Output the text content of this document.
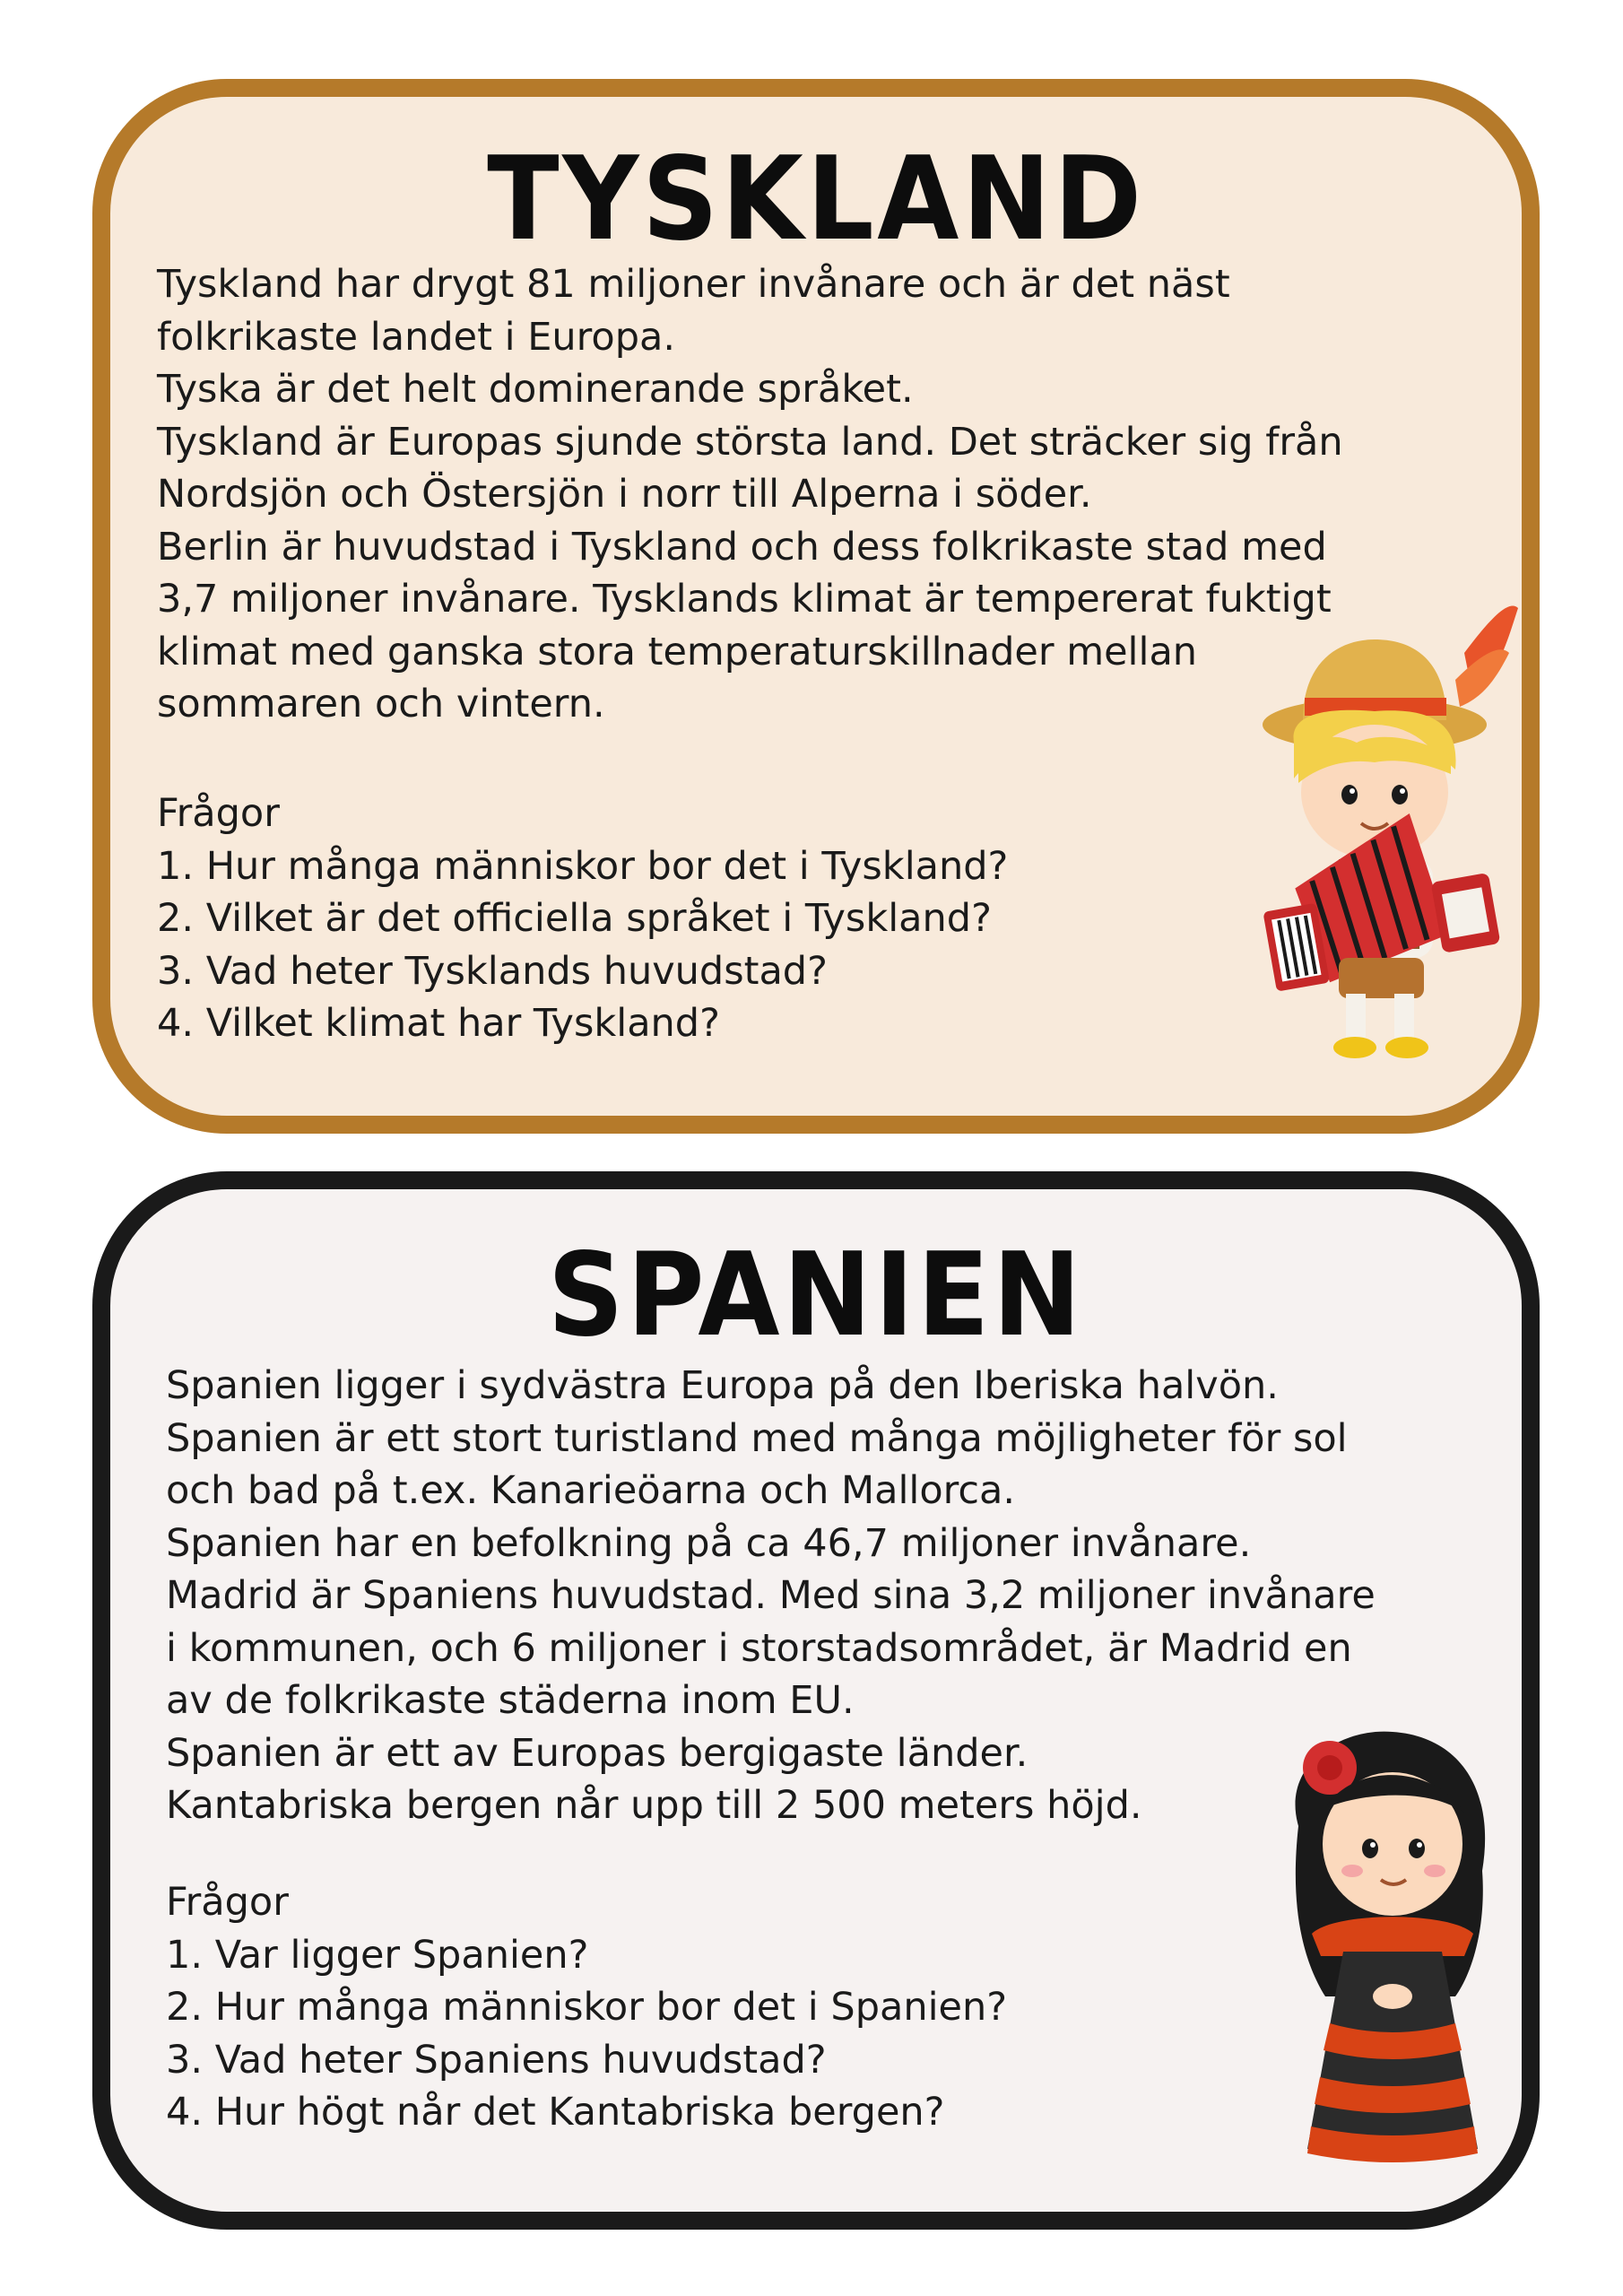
TYSKLAND
Tyskland har drygt 81 miljoner invånare och är det näst
folkrikaste landet i Europa.
Tyska är det helt dominerande språket.
Tyskland är Europas sjunde största land. Det sträcker sig från
Nordsjön och Östersjön i norr till Alperna i söder.
Berlin är huvudstad i Tyskland och dess folkrikaste stad med
3,7 miljoner invånare. Tysklands klimat är tempererat fuktigt
klimat med ganska stora temperaturskillnader mellan
sommaren och vintern.
Frågor
1. Hur många människor bor det i Tyskland?
2. Vilket är det officiella språket i Tyskland?
3. Vad heter Tysklands huvudstad?
4. Vilket klimat har Tyskland?
SPANIEN
Spanien ligger i sydvästra Europa på den Iberiska halvön.
Spanien är ett stort turistland med många möjligheter för sol
och bad på t.ex. Kanarieöarna och Mallorca.
Spanien har en befolkning på ca 46,7 miljoner invånare.
Madrid är Spaniens huvudstad. Med sina 3,2 miljoner invånare
i kommunen, och 6 miljoner i storstadsområdet, är Madrid en
av de folkrikaste städerna inom EU.
Spanien är ett av Europas bergigaste länder.
Kantabriska bergen når upp till 2 500 meters höjd.
Frågor
1. Var ligger Spanien?
2. Hur många människor bor det i Spanien?
3. Vad heter Spaniens huvudstad?
4. Hur högt når det Kantabriska bergen?
